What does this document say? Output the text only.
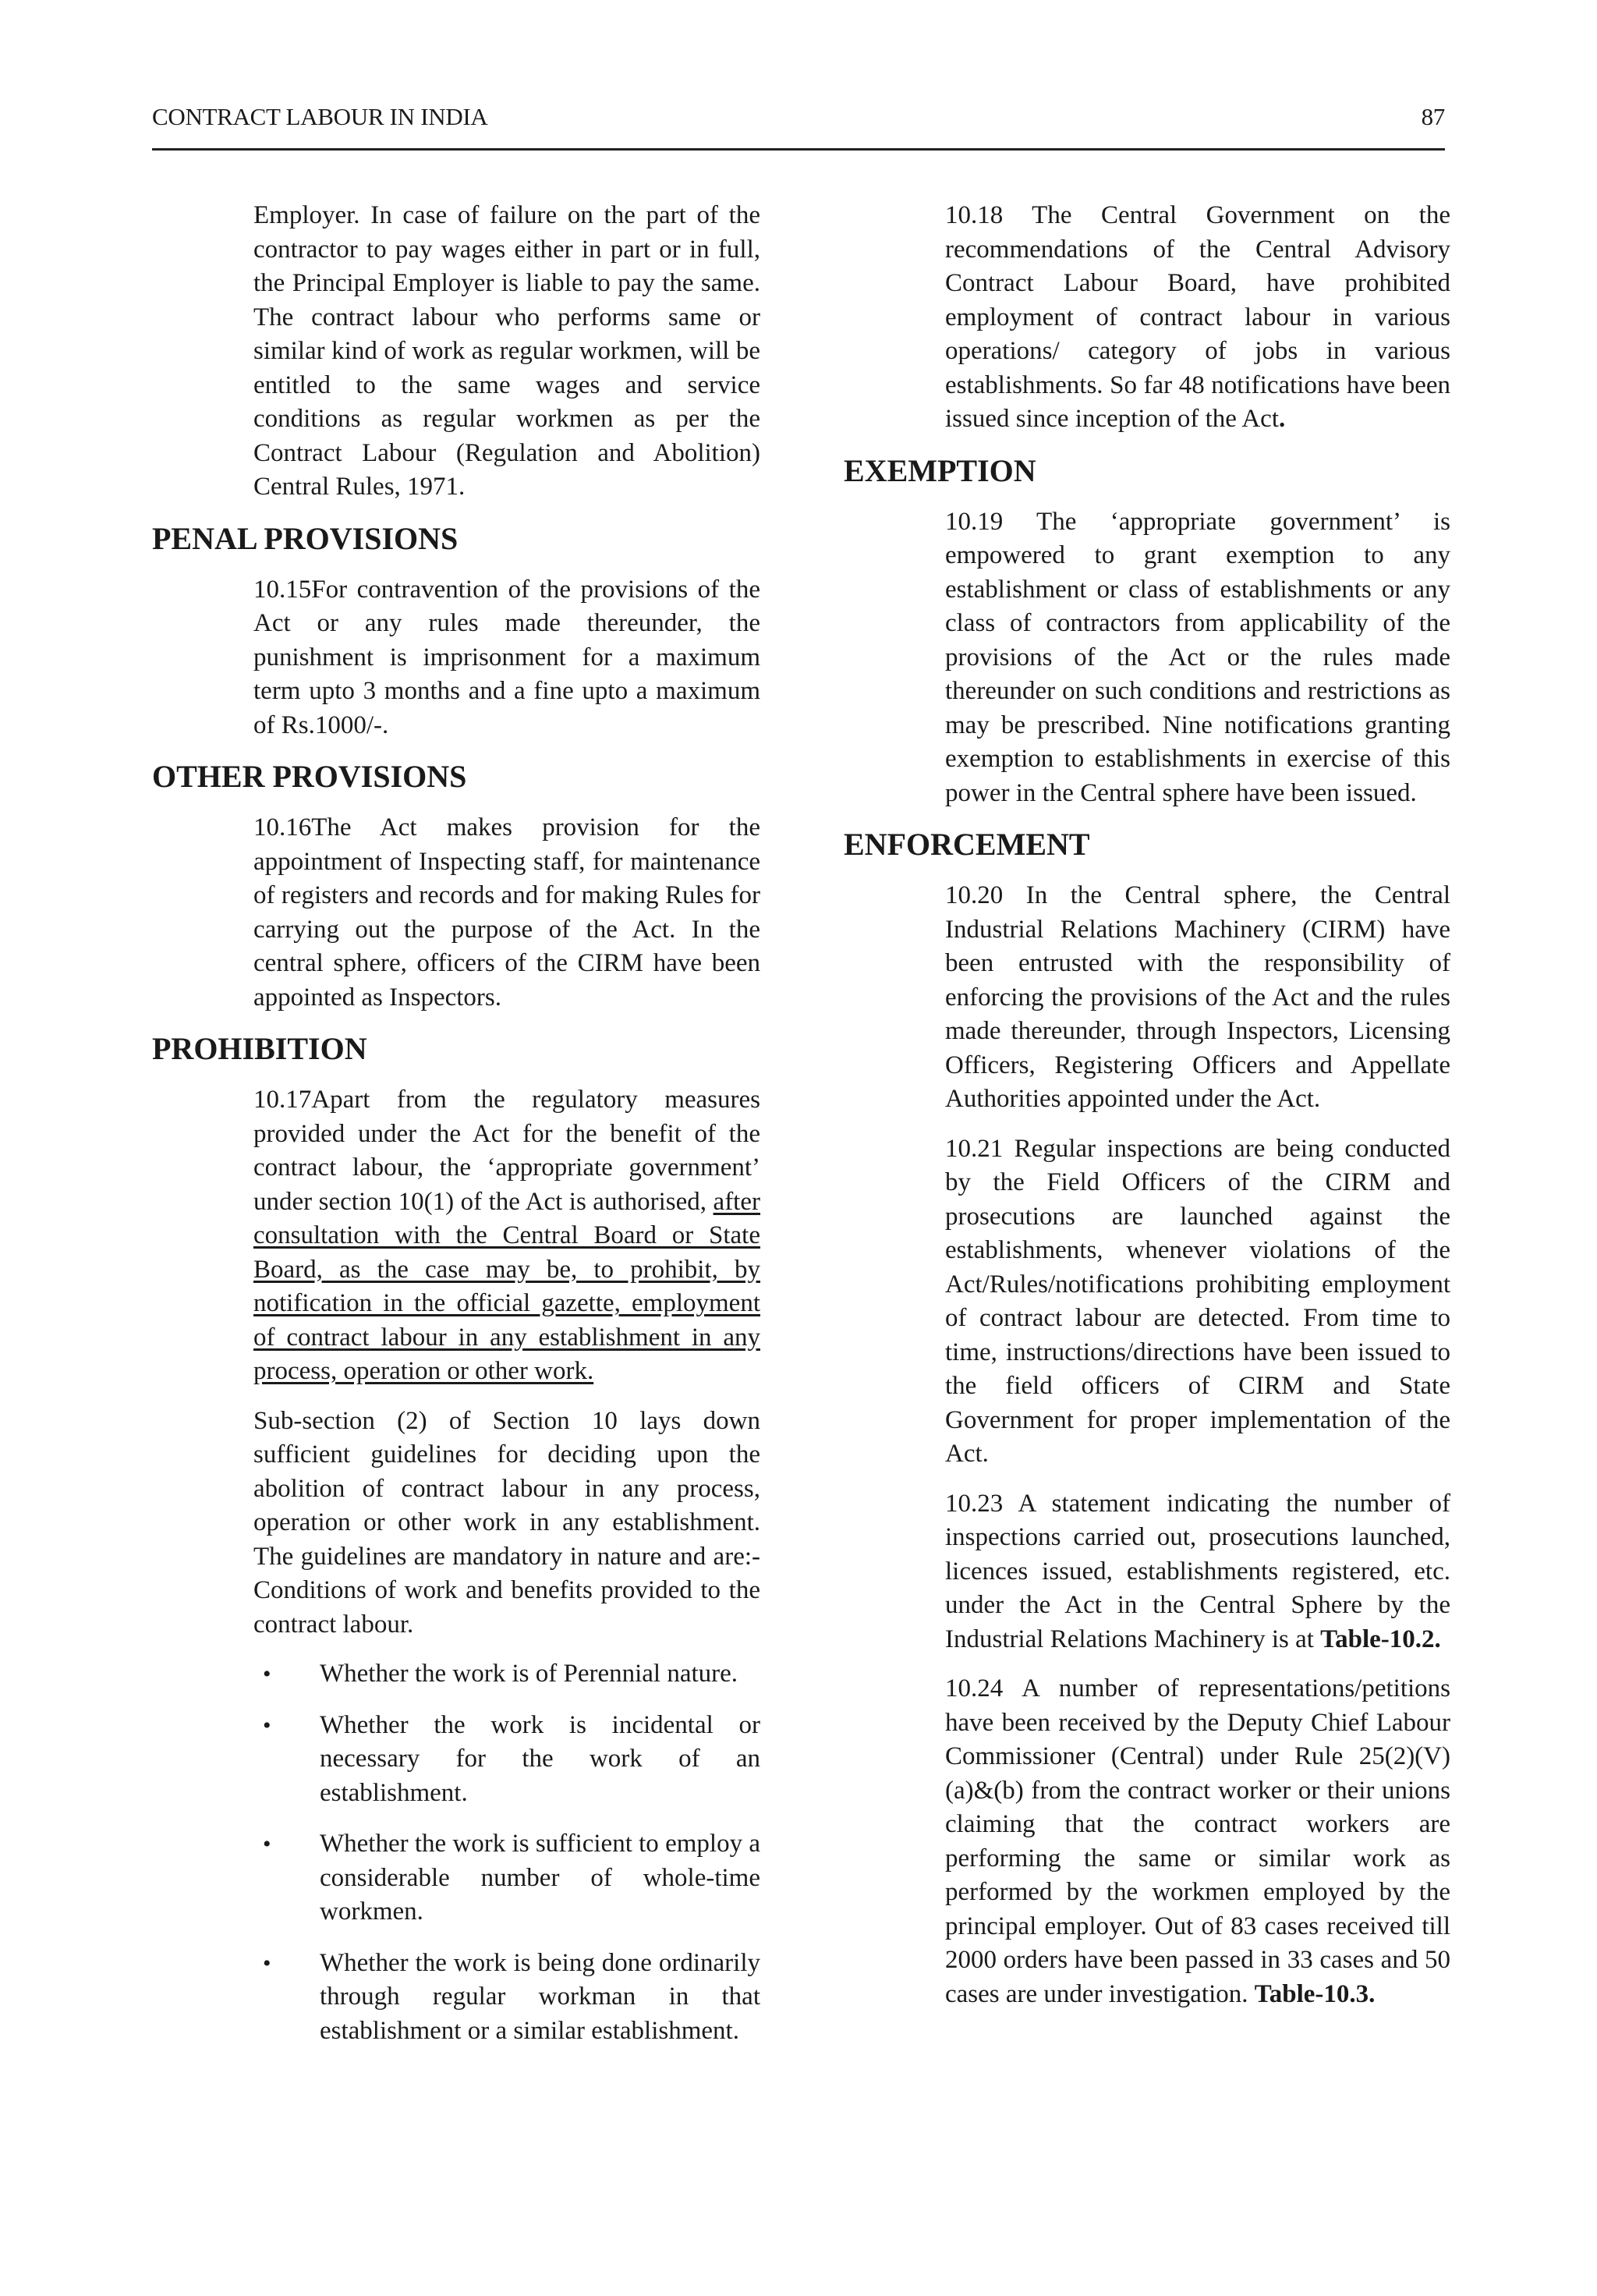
CONTRACT LABOUR IN INDIA	87

Employer. In case of failure on the part of the contractor to pay wages either in part or in full, the Principal Employer is liable to pay the same. The contract labour who performs same or similar kind of work as regular workmen, will be entitled to the same wages and service conditions as regular workmen as per the Contract Labour (Regulation and Abolition) Central Rules, 1971.

PENAL PROVISIONS

10.15For contravention of the provisions of the Act or any rules made thereunder, the punishment is imprisonment for a maximum term upto 3 months and a fine upto a maximum of Rs.1000/-.

OTHER PROVISIONS

10.16The Act makes provision for the appointment of Inspecting staff, for maintenance of registers and records and for making Rules for carrying out the purpose of the Act. In the central sphere, officers of the CIRM have been appointed as Inspectors.

PROHIBITION

10.17Apart from the regulatory measures provided under the Act for the benefit of the contract labour, the ‘appropriate government’ under section 10(1) of the Act is authorised, after consultation with the Central Board or State Board, as the case may be, to prohibit, by notification in the official gazette, employment of contract labour in any establishment in any process, operation or other work.

Sub-section (2) of Section 10 lays down sufficient guidelines for deciding upon the abolition of contract labour in any process, operation or other work in any establishment. The guidelines are mandatory in nature and are:-Conditions of work and benefits provided to the contract labour.

• Whether the work is of Perennial nature.
• Whether the work is incidental or necessary for the work of an establishment.
• Whether the work is sufficient to employ a considerable number of whole-time workmen.
• Whether the work is being done ordinarily through regular workman in that establishment or a similar establishment.

10.18 The Central Government on the recommendations of the Central Advisory Contract Labour Board, have prohibited employment of contract labour in various operations/ category of jobs in various establishments. So far 48 notifications have been issued since inception of the Act.

EXEMPTION

10.19 The ‘appropriate government’ is empowered to grant exemption to any establishment or class of establishments or any class of contractors from applicability of the provisions of the Act or the rules made thereunder on such conditions and restrictions as may be prescribed. Nine notifications granting exemption to establishments in exercise of this power in the Central sphere have been issued.

ENFORCEMENT

10.20 In the Central sphere, the Central Industrial Relations Machinery (CIRM) have been entrusted with the responsibility of enforcing the provisions of the Act and the rules made thereunder, through Inspectors, Licensing Officers, Registering Officers and Appellate Authorities appointed under the Act.

10.21 Regular inspections are being conducted by the Field Officers of the CIRM and prosecutions are launched against the establishments, whenever violations of the Act/Rules/notifications prohibiting employment of contract labour are detected. From time to time, instructions/directions have been issued to the field officers of CIRM and State Government for proper implementation of the Act.

10.23 A statement indicating the number of inspections carried out, prosecutions launched, licences issued, establishments registered, etc. under the Act in the Central Sphere by the Industrial Relations Machinery is at Table-10.2.

10.24 A number of representations/petitions have been received by the Deputy Chief Labour Commissioner (Central) under Rule 25(2)(V)(a)&(b) from the contract worker or their unions claiming that the contract workers are performing the same or similar work as performed by the workmen employed by the principal employer. Out of 83 cases received till 2000 orders have been passed in 33 cases and 50 cases are under investigation. Table-10.3.
